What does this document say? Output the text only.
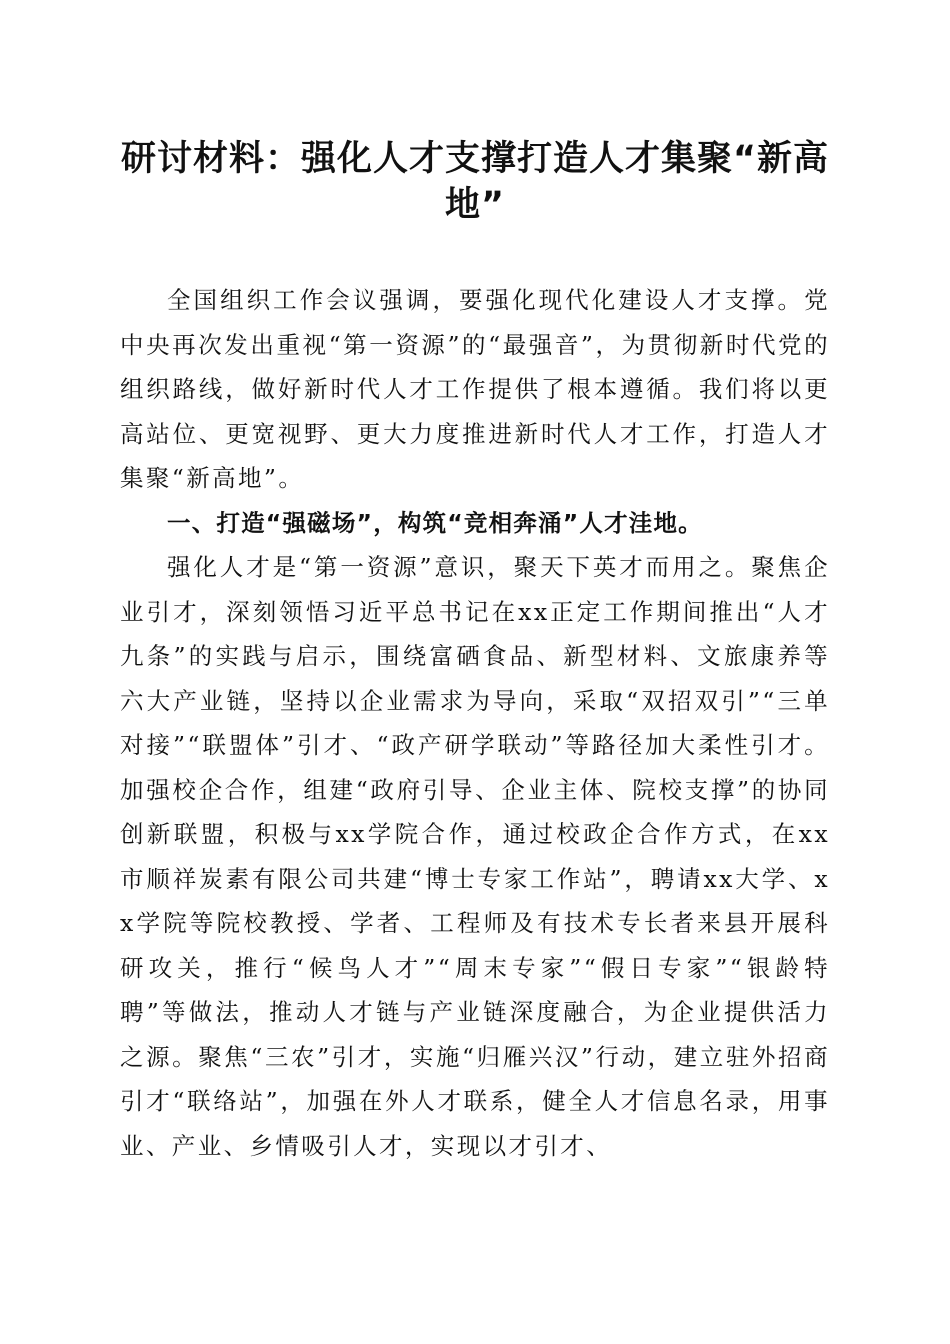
研讨材料：强化人才支撑打造人才集聚“新高地”

全国组织工作会议强调，要强化现代化建设人才支撑。党中央再次发出重视“第一资源”的“最强音”，为贯彻新时代党的组织路线，做好新时代人才工作提供了根本遵循。我们将以更高站位、更宽视野、更大力度推进新时代人才工作，打造人才集聚“新高地”。

一、打造“强磁场”，构筑“竞相奔涌”人才洼地。

强化人才是“第一资源”意识，聚天下英才而用之。聚焦企业引才，深刻领悟习近平总书记在xx正定工作期间推出“人才九条”的实践与启示，围绕富硒食品、新型材料、文旅康养等六大产业链，坚持以企业需求为导向，采取“双招双引”“三单对接”“联盟体”引才、“政产研学联动”等路径加大柔性引才。加强校企合作，组建“政府引导、企业主体、院校支撑”的协同创新联盟，积极与xx学院合作，通过校政企合作方式，在xx市顺祥炭素有限公司共建“博士专家工作站”，聘请xx大学、xx学院等院校教授、学者、工程师及有技术专长者来县开展科研攻关，推行“候鸟人才”“周末专家”“假日专家”“银龄特聘”等做法，推动人才链与产业链深度融合，为企业提供活力之源。聚焦“三农”引才，实施“归雁兴汉”行动，建立驻外招商引才“联络站”，加强在外人才联系，健全人才信息名录，用事业、产业、乡情吸引人才，实现以才引才、
